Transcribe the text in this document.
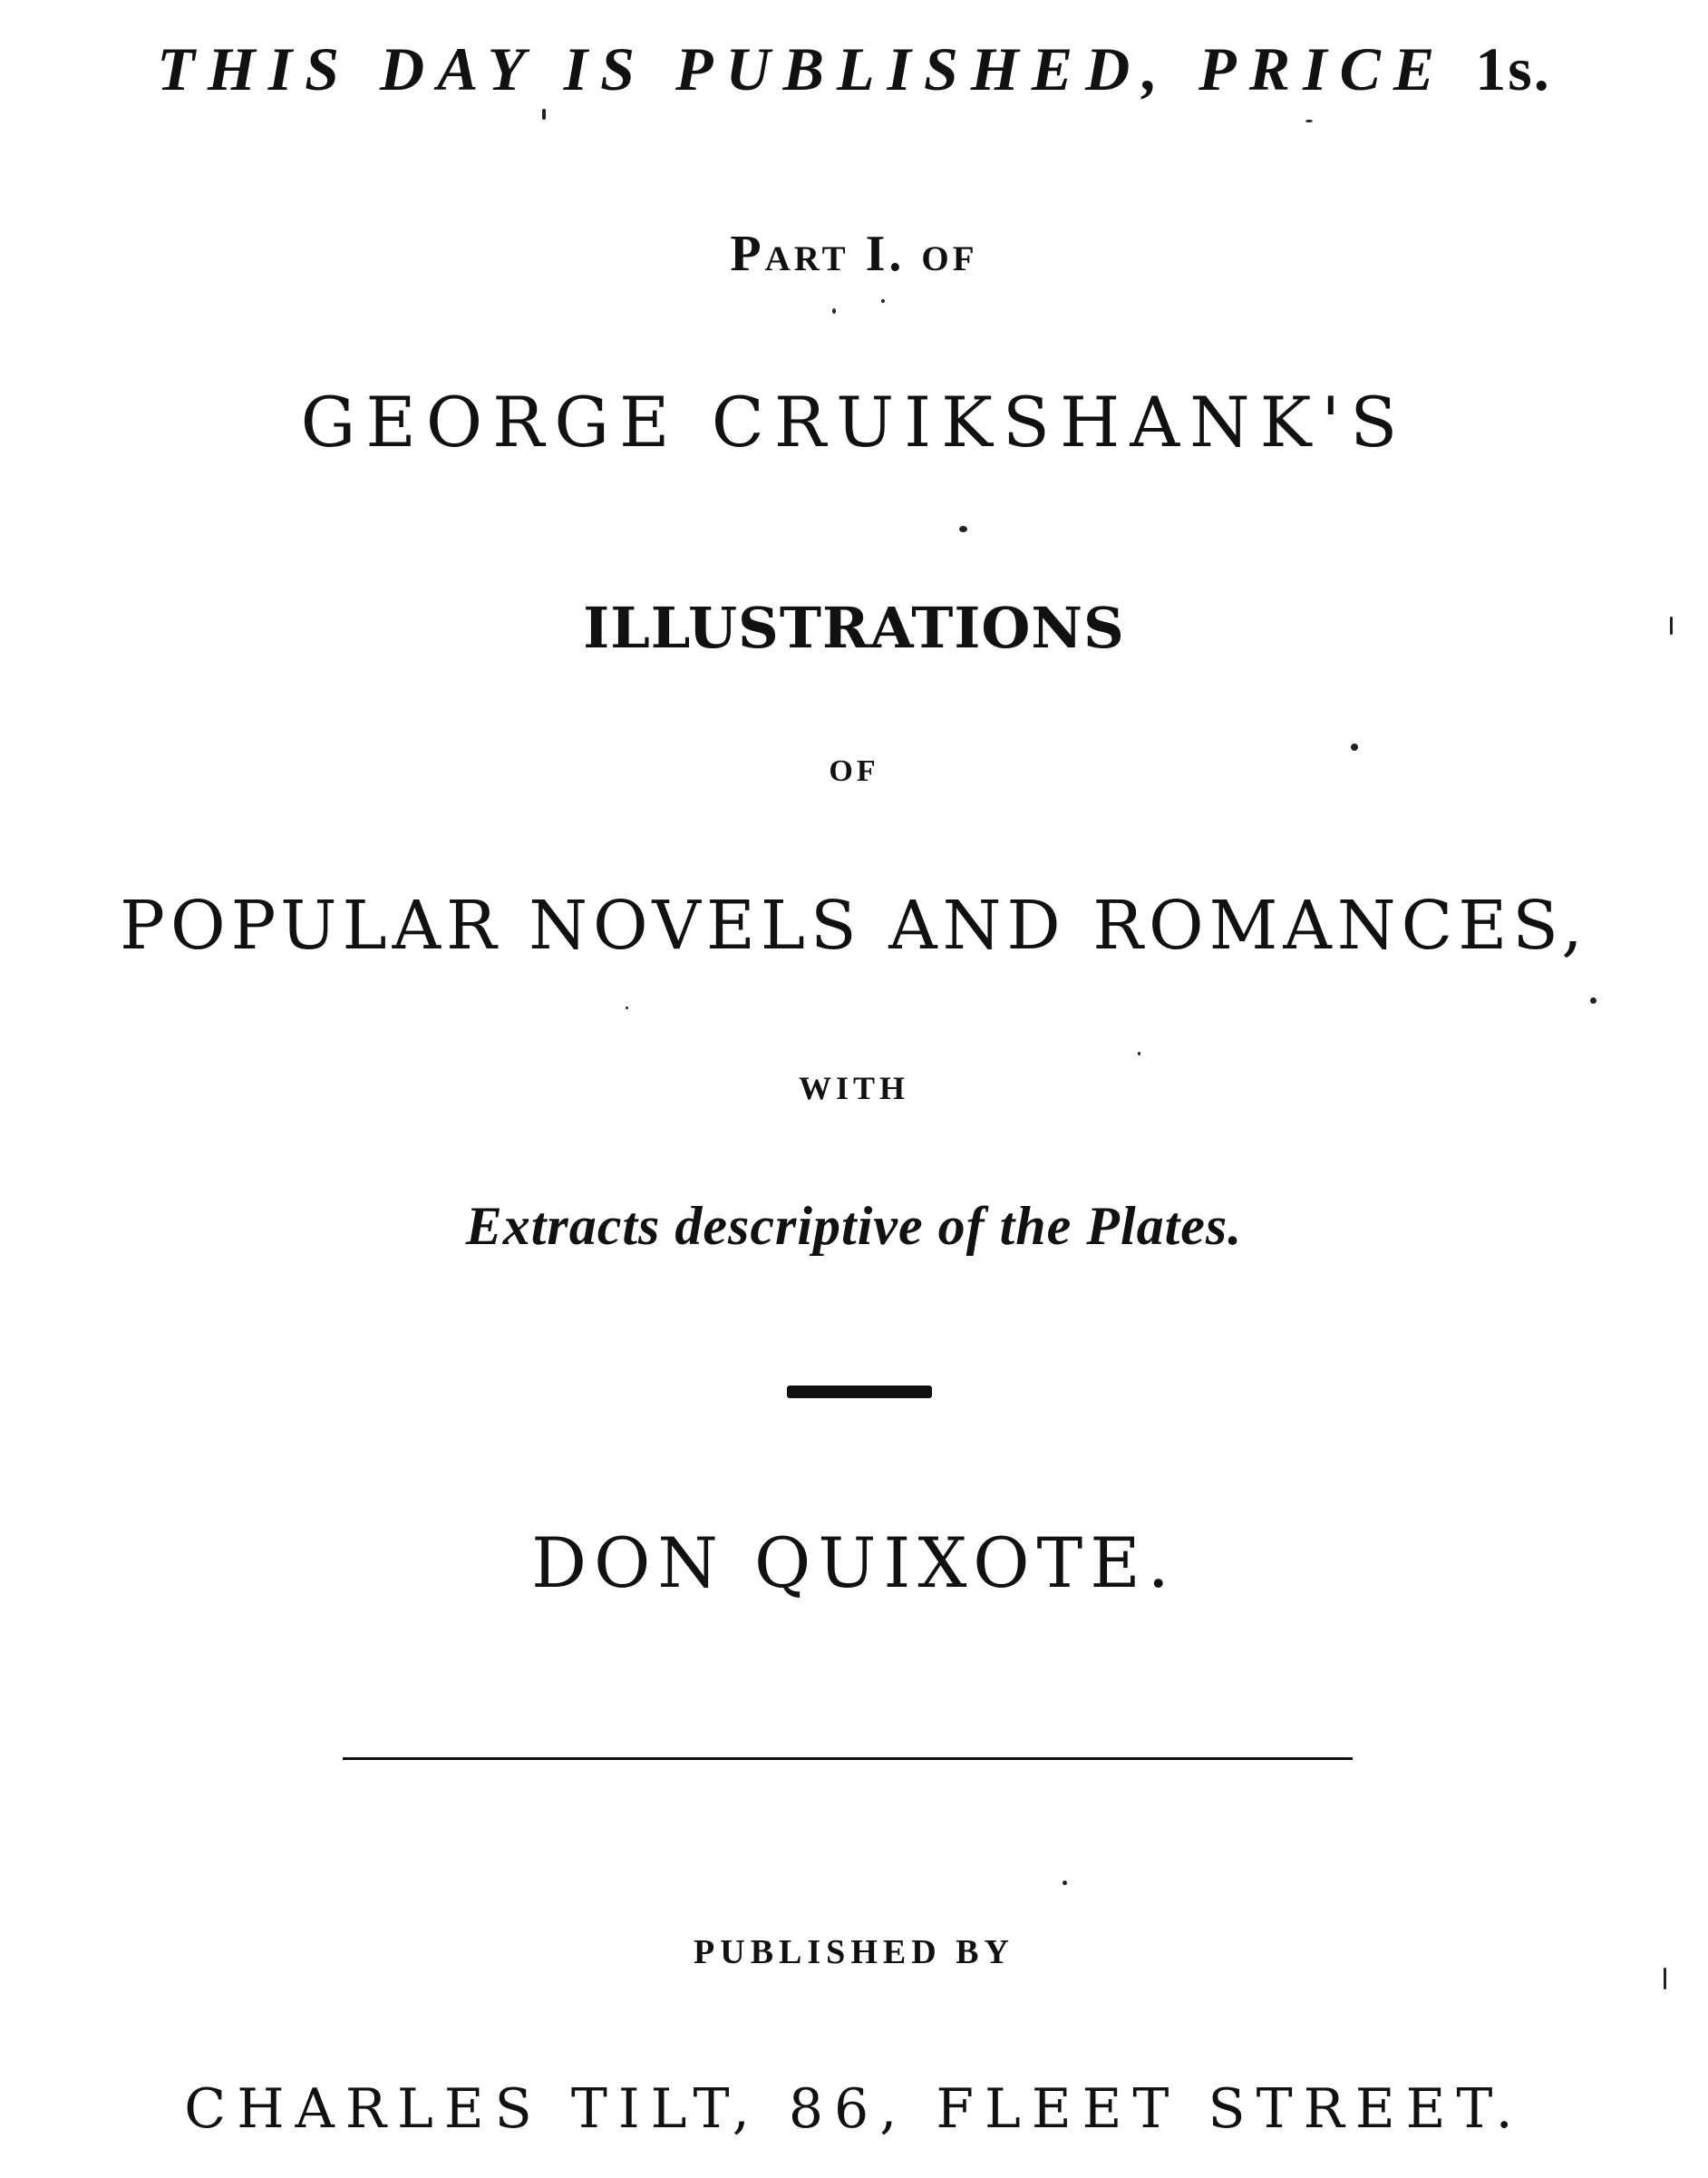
THIS DAY IS PUBLISHED, PRICE 1s.
Part I. of
GEORGE CRUIKSHANK'S
ILLUSTRATIONS
OF
POPULAR NOVELS AND ROMANCES,
WITH
Extracts descriptive of the Plates.
DON QUIXOTE.
PUBLISHED BY
CHARLES TILT, 86, FLEET STREET.
